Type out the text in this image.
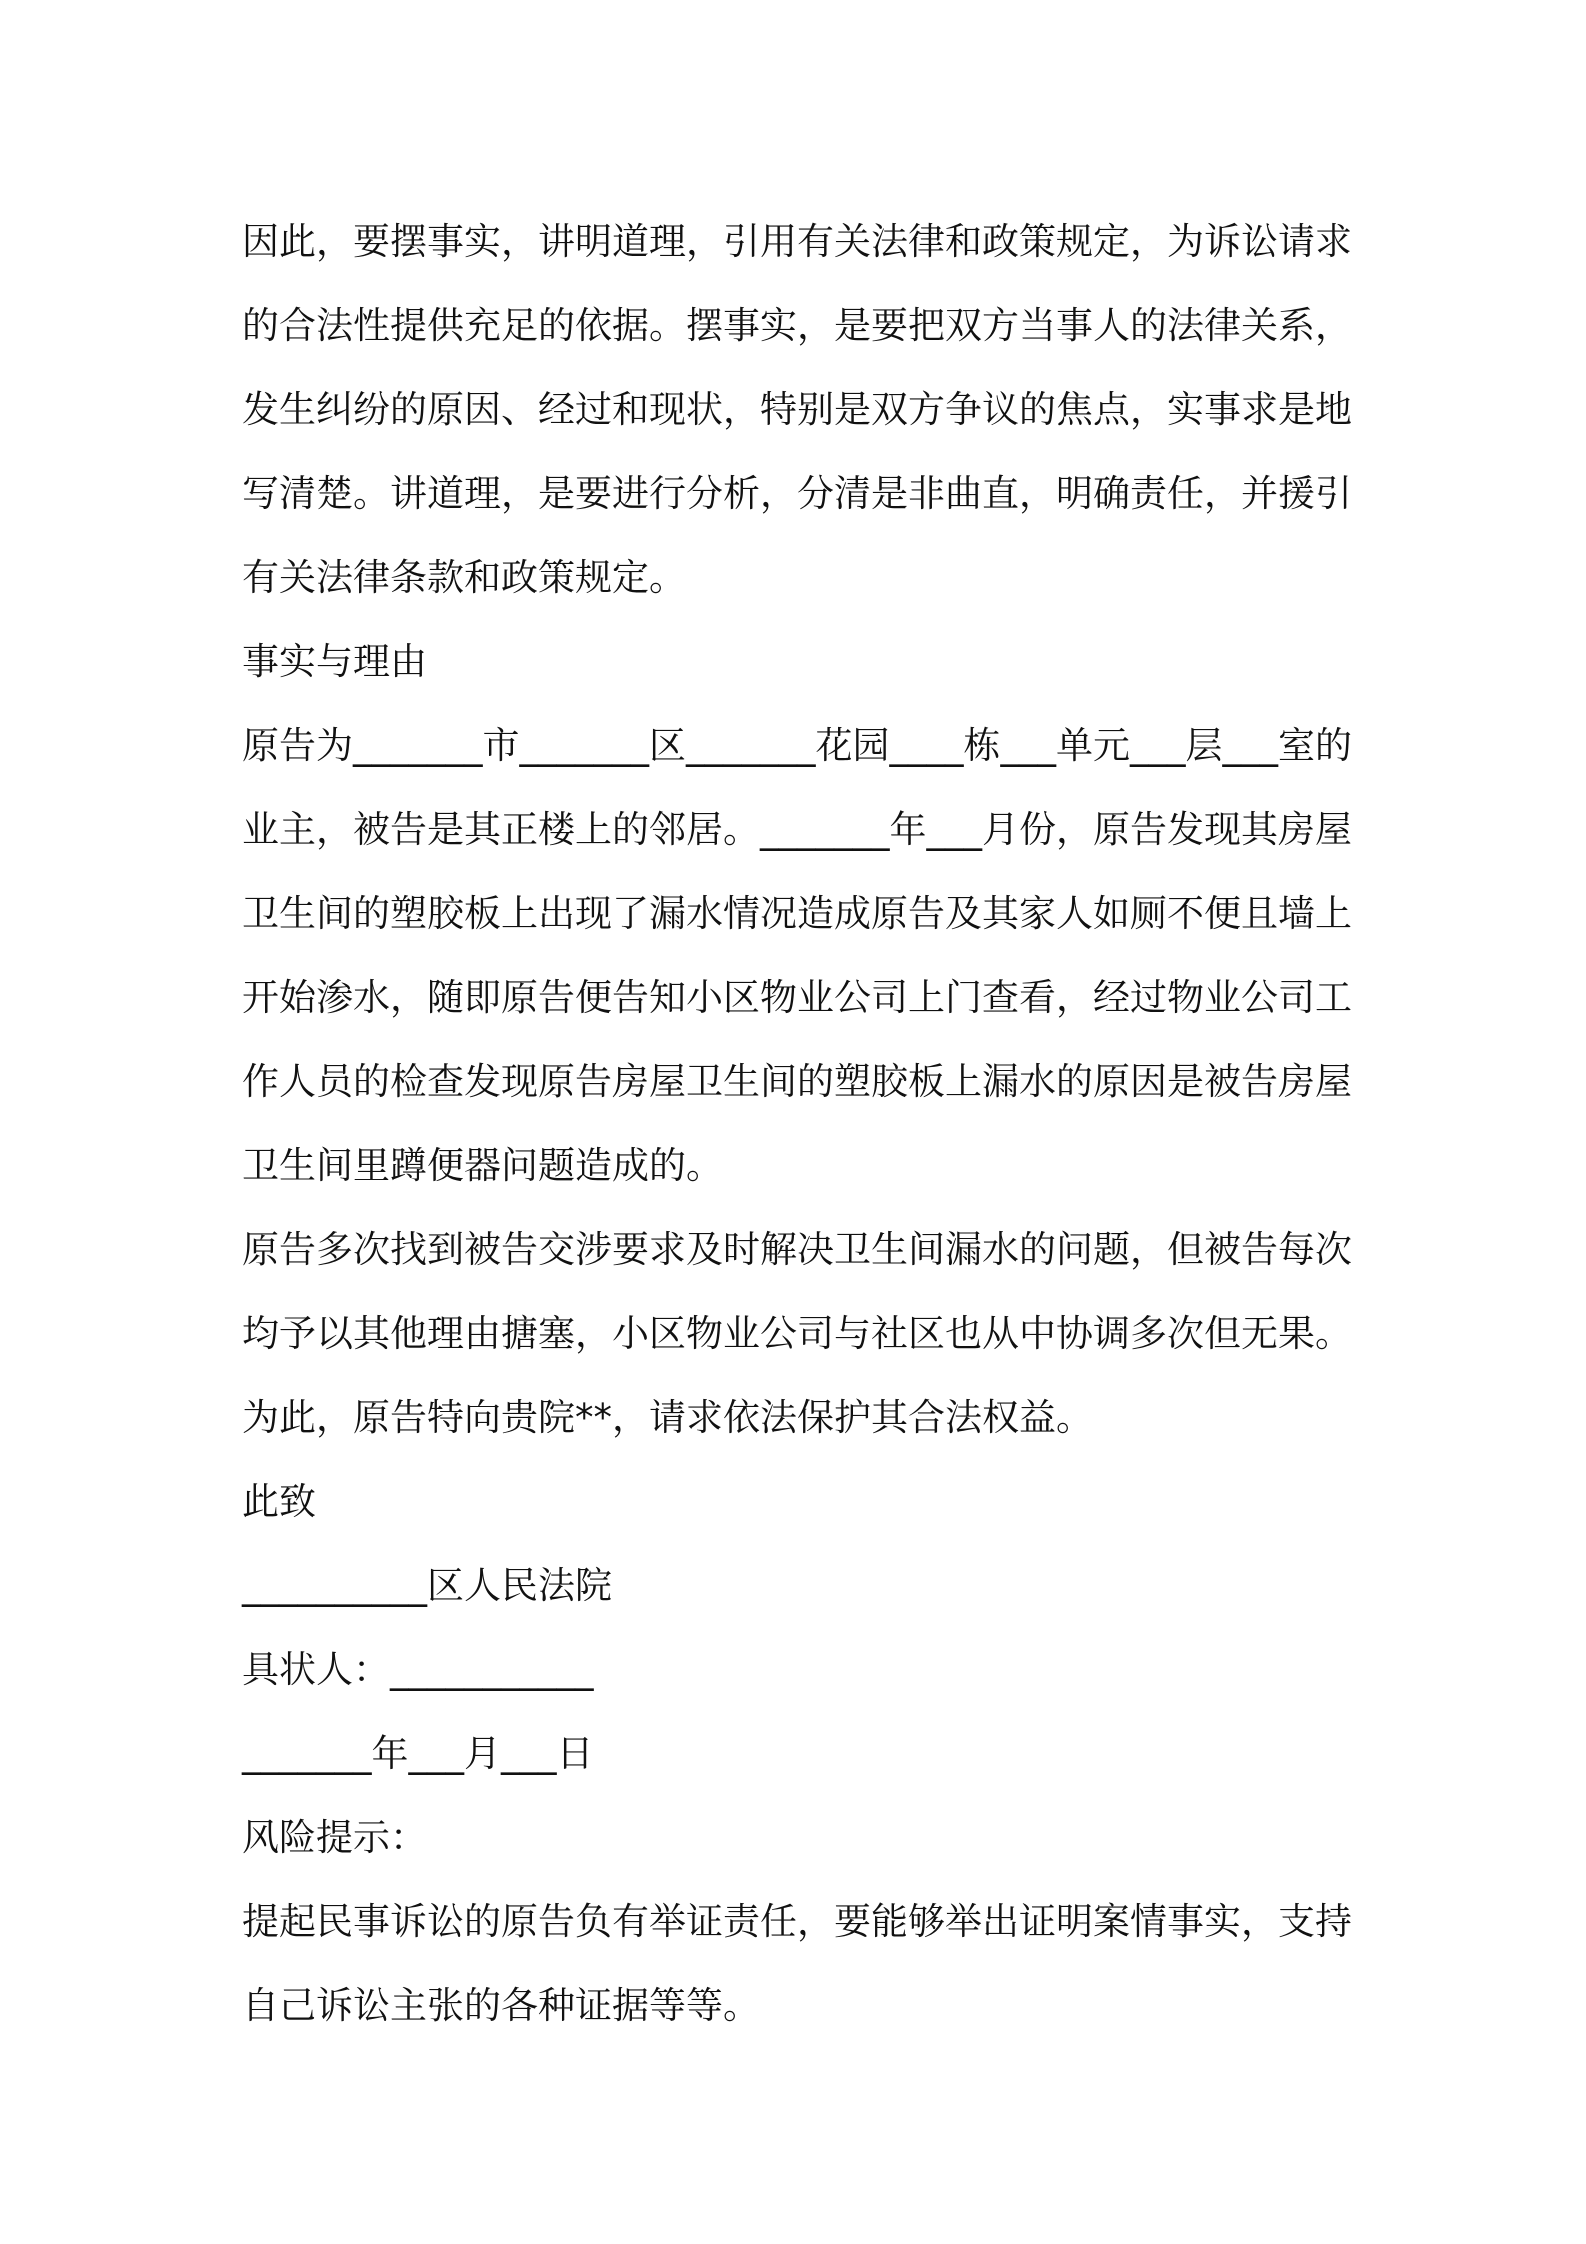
因此，要摆事实，讲明道理，引用有关法律和政策规定，为诉讼请求的合法性提供充足的依据。摆事实，是要把双方当事人的法律关系，发生纠纷的原因、经过和现状，特别是双方争议的焦点，实事求是地写清楚。讲道理，是要进行分析，分清是非曲直，明确责任，并援引有关法律条款和政策规定。

事实与理由

原告为_______市_______区_______花园____栋___单元___层___室的业主，被告是其正楼上的邻居。_______年___月份，原告发现其房屋卫生间的塑胶板上出现了漏水情况造成原告及其家人如厕不便且墙上开始渗水，随即原告便告知小区物业公司上门查看，经过物业公司工作人员的检查发现原告房屋卫生间的塑胶板上漏水的原因是被告房屋卫生间里蹲便器问题造成的。

原告多次找到被告交涉要求及时解决卫生间漏水的问题，但被告每次均予以其他理由搪塞，小区物业公司与社区也从中协调多次但无果。为此，原告特向贵院**，请求依法保护其合法权益。

此致

__________区人民法院

具状人：___________

_______年___月___日

风险提示：

提起民事诉讼的原告负有举证责任，要能够举出证明案情事实，支持自己诉讼主张的各种证据等等。
